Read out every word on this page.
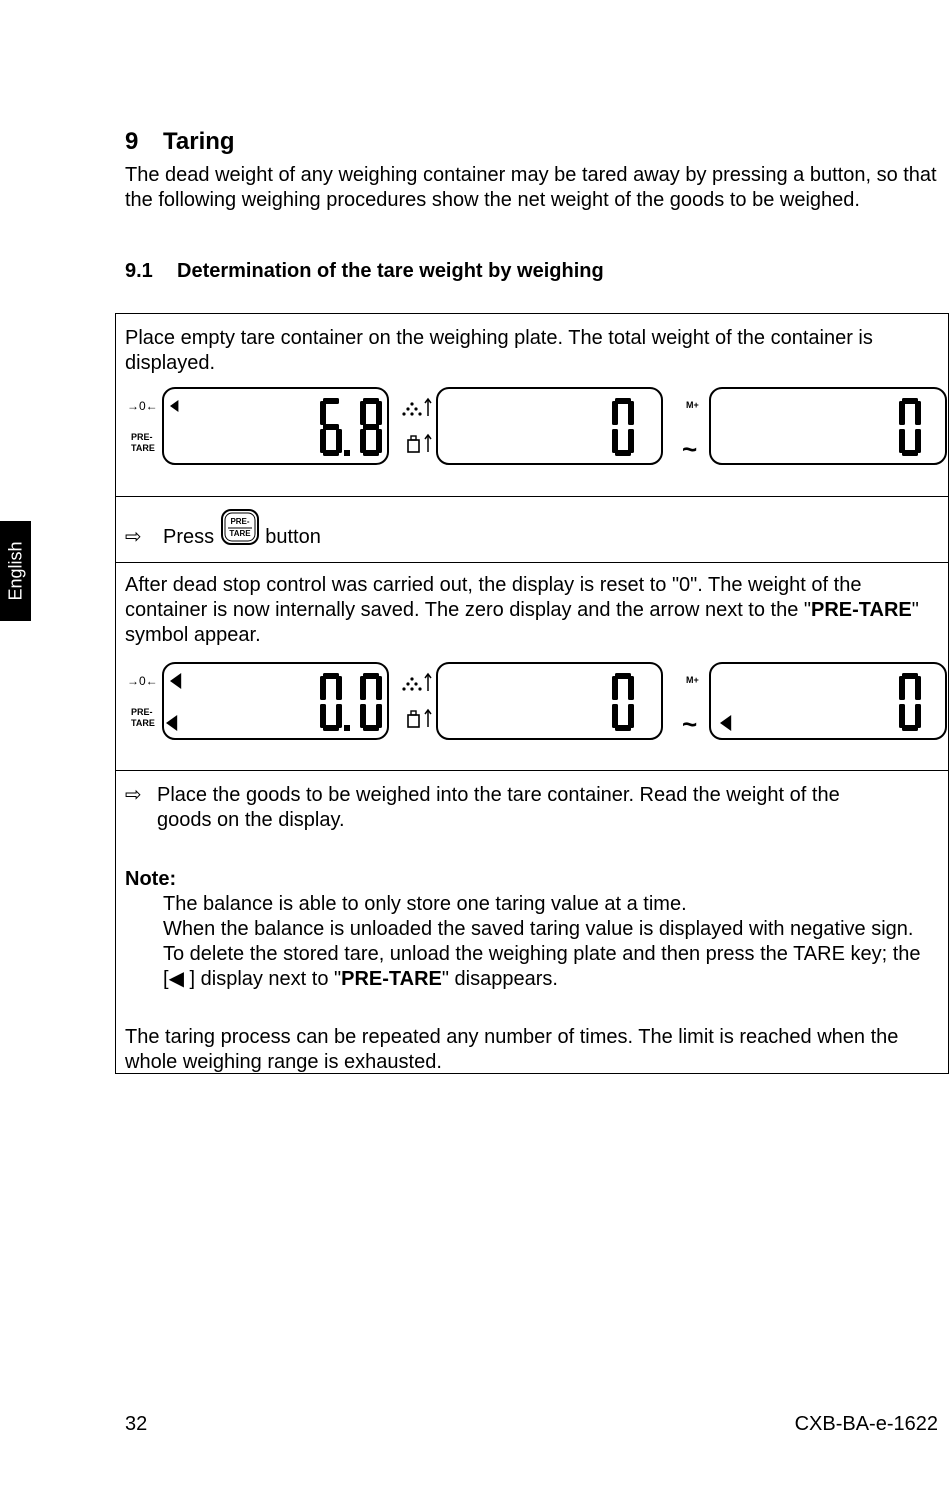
English
9 Taring
The dead weight of any weighing container may be tared away by pressing a button, so that the following weighing procedures show the net weight of the goods to be weighed.
9.1 Determination of the tare weight by weighing
Place empty tare container on the weighing plate. The total weight of the container is displayed.
→0←
PRE-
TARE
M+
~
⇨ Press
PRE-
TARE button
After dead stop control was carried out, the display is reset to "0". The weight of the container is now internally saved. The zero display and the arrow next to the "PRE-TARE" symbol appear.
→0←
PRE-
TARE
M+
~
⇨ Place the goods to be weighed into the tare container. Read the weight of the
goods on the display.
Note:
The balance is able to only store one taring value at a time.
When the balance is unloaded the saved taring value is displayed with negative sign.
To delete the stored tare, unload the weighing plate and then press the TARE key; the [◀ ] display next to "PRE-TARE" disappears.
The taring process can be repeated any number of times. The limit is reached when the whole weighing range is exhausted.
32	CXB-BA-e-1622
